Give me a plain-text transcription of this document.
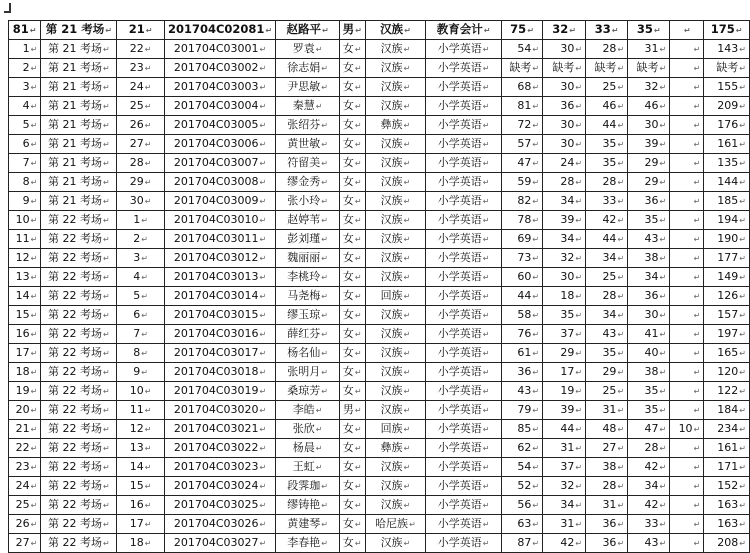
81↵	第 21 考场↵	21↵	201704C02081↵	赵路平↵	男↵	汉族↵	教育会计↵	75↵	32↵	33↵	35↵	↵	175↵
1↵	第 21 考场↵	22↵	201704C03001↵	罗袁↵	女↵	汉族↵	小学英语↵	54↵	30↵	28↵	31↵	↵	143↵
2↵	第 21 考场↵	23↵	201704C03002↵	徐志娟↵	女↵	汉族↵	小学英语↵	缺考↵	缺考↵	缺考↵	缺考↵	↵	缺考↵
3↵	第 21 考场↵	24↵	201704C03003↵	尹思敏↵	女↵	汉族↵	小学英语↵	68↵	30↵	25↵	32↵	↵	155↵
4↵	第 21 考场↵	25↵	201704C03004↵	秦慧↵	女↵	汉族↵	小学英语↵	81↵	36↵	46↵	46↵	↵	209↵
5↵	第 21 考场↵	26↵	201704C03005↵	张绍芬↵	女↵	彝族↵	小学英语↵	72↵	30↵	44↵	30↵	↵	176↵
6↵	第 21 考场↵	27↵	201704C03006↵	黄世敏↵	女↵	汉族↵	小学英语↵	57↵	30↵	35↵	39↵	↵	161↵
7↵	第 21 考场↵	28↵	201704C03007↵	符留美↵	女↵	汉族↵	小学英语↵	47↵	24↵	35↵	29↵	↵	135↵
8↵	第 21 考场↵	29↵	201704C03008↵	缪金秀↵	女↵	汉族↵	小学英语↵	59↵	28↵	28↵	29↵	↵	144↵
9↵	第 21 考场↵	30↵	201704C03009↵	张小玲↵	女↵	汉族↵	小学英语↵	82↵	34↵	33↵	36↵	↵	185↵
10↵	第 22 考场↵	1↵	201704C03010↵	赵婷苇↵	女↵	汉族↵	小学英语↵	78↵	39↵	42↵	35↵	↵	194↵
11↵	第 22 考场↵	2↵	201704C03011↵	彭刘瑾↵	女↵	汉族↵	小学英语↵	69↵	34↵	44↵	43↵	↵	190↵
12↵	第 22 考场↵	3↵	201704C03012↵	魏丽丽↵	女↵	汉族↵	小学英语↵	73↵	32↵	34↵	38↵	↵	177↵
13↵	第 22 考场↵	4↵	201704C03013↵	李桃玲↵	女↵	汉族↵	小学英语↵	60↵	30↵	25↵	34↵	↵	149↵
14↵	第 22 考场↵	5↵	201704C03014↵	马尧梅↵	女↵	回族↵	小学英语↵	44↵	18↵	28↵	36↵	↵	126↵
15↵	第 22 考场↵	6↵	201704C03015↵	缪玉琼↵	女↵	汉族↵	小学英语↵	58↵	35↵	34↵	30↵	↵	157↵
16↵	第 22 考场↵	7↵	201704C03016↵	薛红芬↵	女↵	汉族↵	小学英语↵	76↵	37↵	43↵	41↵	↵	197↵
17↵	第 22 考场↵	8↵	201704C03017↵	杨名仙↵	女↵	汉族↵	小学英语↵	61↵	29↵	35↵	40↵	↵	165↵
18↵	第 22 考场↵	9↵	201704C03018↵	张明月↵	女↵	汉族↵	小学英语↵	36↵	17↵	29↵	38↵	↵	120↵
19↵	第 22 考场↵	10↵	201704C03019↵	桑琼芳↵	女↵	汉族↵	小学英语↵	43↵	19↵	25↵	35↵	↵	122↵
20↵	第 22 考场↵	11↵	201704C03020↵	李皓↵	男↵	汉族↵	小学英语↵	79↵	39↵	31↵	35↵	↵	184↵
21↵	第 22 考场↵	12↵	201704C03021↵	张欣↵	女↵	回族↵	小学英语↵	85↵	44↵	48↵	47↵	10↵	234↵
22↵	第 22 考场↵	13↵	201704C03022↵	杨晨↵	女↵	彝族↵	小学英语↵	62↵	31↵	27↵	28↵	↵	161↵
23↵	第 22 考场↵	14↵	201704C03023↵	王虹↵	女↵	汉族↵	小学英语↵	54↵	37↵	38↵	42↵	↵	171↵
24↵	第 22 考场↵	15↵	201704C03024↵	段霁珈↵	女↵	汉族↵	小学英语↵	52↵	32↵	28↵	34↵	↵	152↵
25↵	第 22 考场↵	16↵	201704C03025↵	缪铸艳↵	女↵	汉族↵	小学英语↵	56↵	34↵	31↵	42↵	↵	163↵
26↵	第 22 考场↵	17↵	201704C03026↵	黄建琴↵	女↵	哈尼族↵	小学英语↵	63↵	31↵	36↵	33↵	↵	163↵
27↵	第 22 考场↵	18↵	201704C03027↵	李春艳↵	女↵	汉族↵	小学英语↵	87↵	42↵	36↵	43↵	↵	208↵
